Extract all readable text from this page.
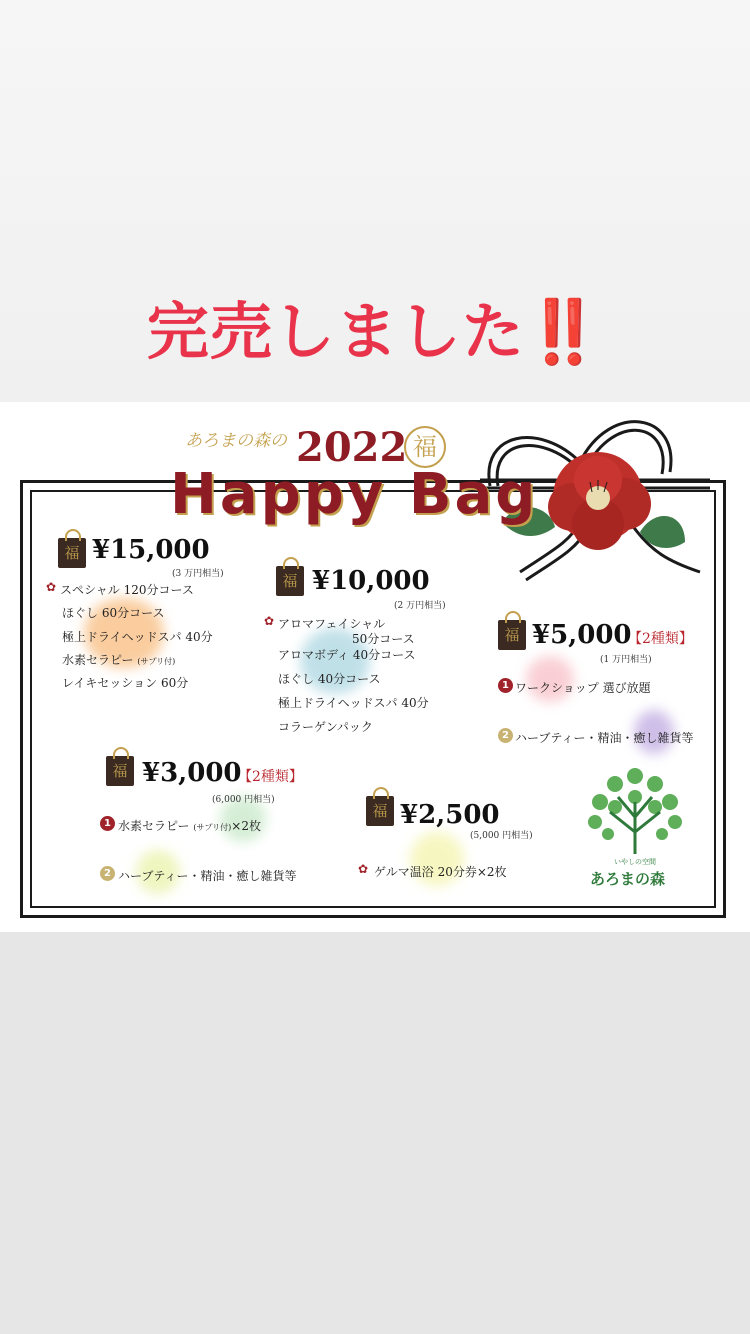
完売しました‼️
あろまの森の 2022 福
Happy Bag
福 ¥15,000
(3 万円相当)
✿ スペシャル 120分コース
ほぐし 60分コース
極上ドライヘッドスパ 40分
水素セラピー (サプリ付)
レイキセッション 60分
福 ¥10,000
(2 万円相当)
✿ アロマフェイシャル
50分コース
アロマボディ 40分コース
ほぐし 40分コース
極上ドライヘッドスパ 40分
コラーゲンパック
福 ¥5,000
【2種類】
(1 万円相当)
1 ワークショップ 選び放題
2 ハーブティー・精油・癒し雑貨等
福 ¥3,000
【2種類】
(6,000 円相当)
1 水素セラピー (サプリ付)×2枚
2 ハーブティー・精油・癒し雑貨等
福 ¥2,500
(5,000 円相当)
✿ ゲルマ温浴 20分券×2枚
いやしの空間
あろまの森
